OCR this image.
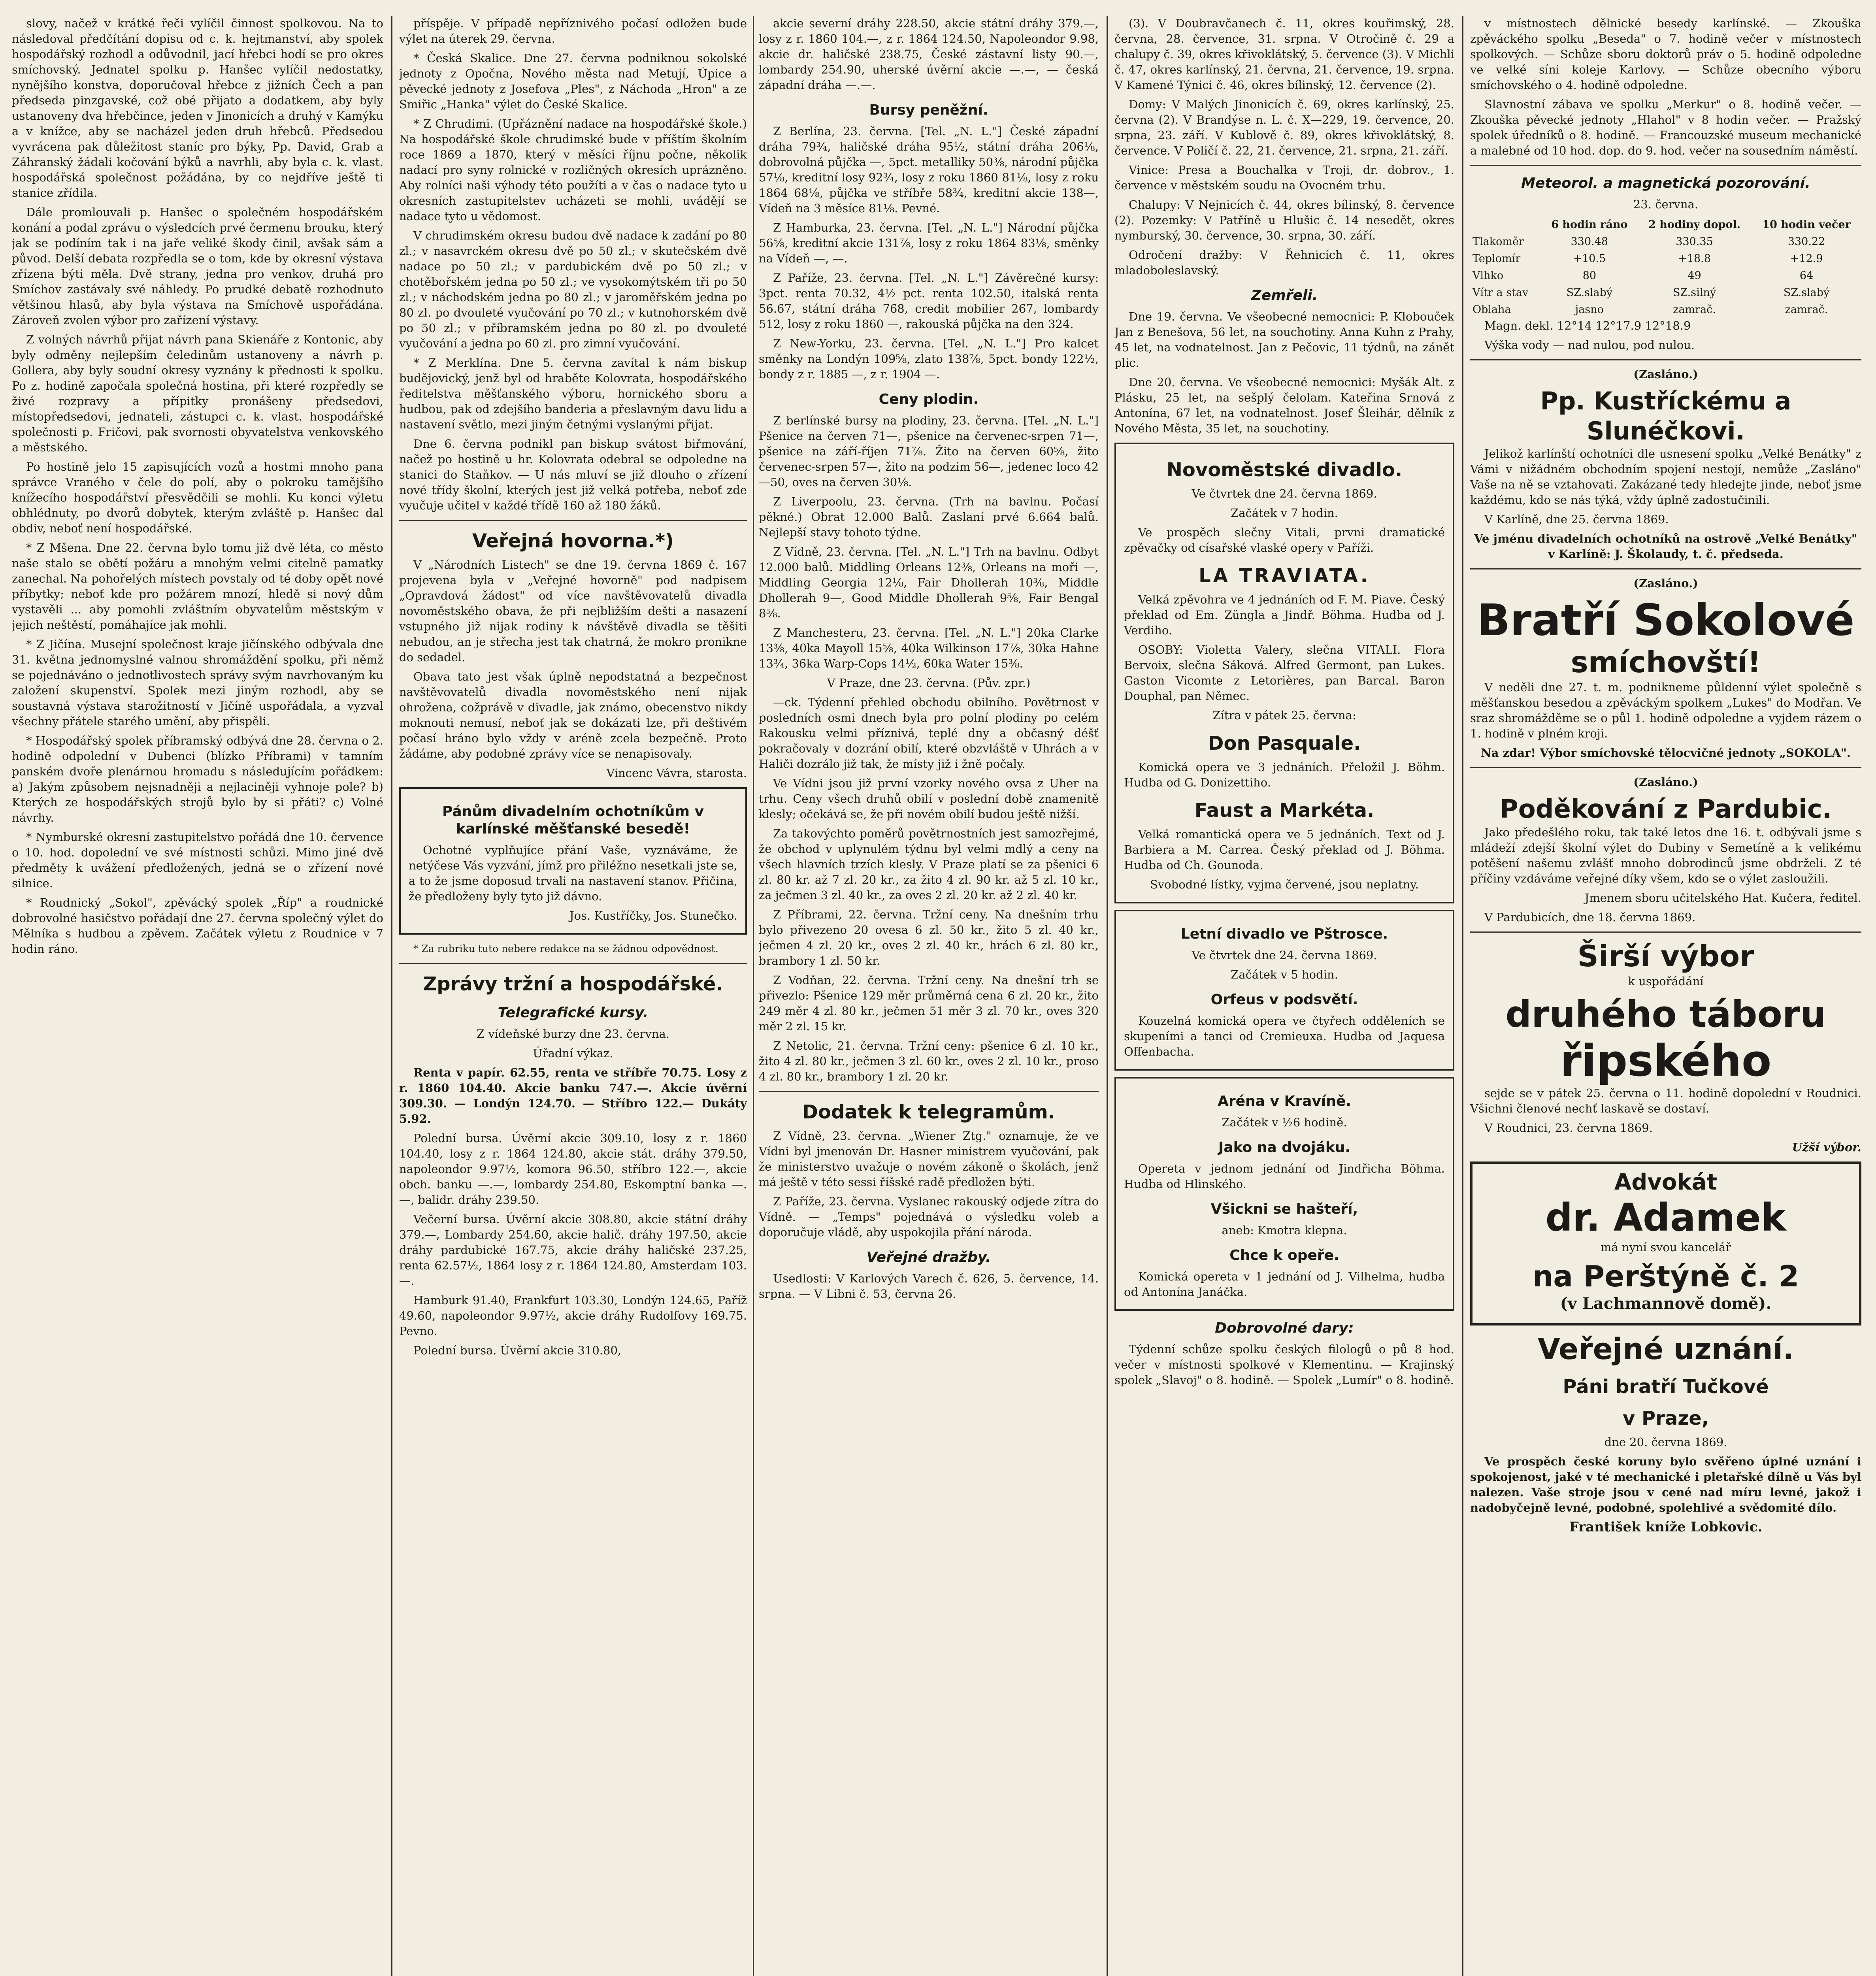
slovy, načež v krátké řeči vylíčil činnost spolkovou. Na to následoval předčítání dopisu od c. k. hejtmanství, aby spolek hospodářský rozhodl a odůvodnil, jací hřebci hodí se pro okres smíchovský. Jednatel spolku p. Hanšec vylíčil nedostatky, nynějšího konstva, doporučoval hřebce z jižních Čech a pan předseda pinzgavské, což obé přijato a dodatkem, aby byly ustanoveny dva hřebčince, jeden v Jinonicích a druhý v Kamýku a v knížce, aby se nacházel jeden druh hřebců. Předsedou vyvrácena pak důležitost staníc pro býky, Pp. David, Grab a Záhranský žádali kočování býků a navrhli, aby byla c. k. vlast. hospodářská společnost požádána, by co nejdříve ještě ti stanice zřídila.

Dále promlouvali p. Hanšec o společném hospodářském konání a podal zprávu o výsledcích prvé čermenu brouku, který jak se podíním tak i na jaře veliké škody činil, avšak sám a původ. Delší debata rozpředla se o tom, kde by okresní výstava zřízena býti měla. Dvě strany, jedna pro venkov, druhá pro Smíchov zastávaly své náhledy. Po prudké debatě rozhodnuto většinou hlasů, aby byla výstava na Smíchově uspořádána. Zároveň zvolen výbor pro zařízení výstavy.

Z volných návrhů přijat návrh pana Skienáře z Kontonic, aby byly odměny nejlepším čeledinům ustanoveny a návrh p. Gollera, aby byly soudní okresy vyznány k přednosti k spolku. Po z. hodině započala společná hostina, při které rozpředly se živé rozpravy a přípitky pronášeny předsedovi, místopředsedovi, jednateli, zástupci c. k. vlast. hospodářské společnosti p. Fričovi, pak svornosti obyvatelstva venkovského a městského.

Po hostině jelo 15 zapisujících vozů a hostmi mnoho pana správce Vraného v čele do polí, aby o pokroku tamějšího knížecího hospodářství přesvědčili se mohli. Ku konci výletu obhlédnuty, po dvorů dobytek, kterým zvláště p. Hanšec dal obdiv, neboť není hospodářské.

* Z Mšena. Dne 22. června bylo tomu již dvě léta, co město naše stalo se obětí požáru a mnohým velmi citelně pamatky zanechal. Na pohořelých místech povstaly od té doby opět nové příbytky; neboť kde pro požárem mnozí, hledě si nový dům vystavěli ... aby pomohli zvláštním obyvatelům městským v jejich neštěstí, pomáhajíce jak mohli.

* Z Jičína. Musejní společnost kraje jičínského odbývala dne 31. května jednomyslné valnou shromáždění spolku, při němž se pojednáváno o jednotlivostech správy svým navrhovaným ku založení skupenství. Spolek mezi jiným rozhodl, aby se soustavná výstava starožitností v Jičíně uspořádala, a vyzval všechny přátele starého umění, aby přispěli.

* Hospodářský spolek příbramský odbývá dne 28. června o 2. hodině odpolední v Dubenci (blízko Příbrami) v tamním panském dvoře plenárnou hromadu s následujícím pořádkem: a) Jakým způsobem nejsnadněji a nejlaciněji vyhnoje pole? b) Kterých ze hospodářských strojů bylo by si přáti? c) Volné návrhy.

* Nymburské okresní zastupitelstvo pořádá dne 10. července o 10. hod. dopolední ve své místnosti schůzi. Mimo jiné dvě předměty k uvážení předložených, jedná se o zřízení nové silnice.

* Roudnický „Sokol", zpěvácký spolek „Říp" a roudnické dobrovolné hasičstvo pořádají dne 27. června společný výlet do Mělníka s hudbou a zpěvem. Začátek výletu z Roudnice v 7 hodin ráno.

příspěje. V případě nepříznivého počasí odložen bude výlet na úterek 29. června.

* Česká Skalice. Dne 27. června podniknou sokolské jednoty z Opočna, Nového města nad Metují, Úpice a pěvecké jednoty z Josefova „Ples", z Náchoda „Hron" a ze Smiřic „Hanka" výlet do České Skalice.

* Z Chrudimi. (Upřáznění nadace na hospodářské škole.) Na hospodářské škole chrudimské bude v příštím školním roce 1869 a 1870, který v měsíci říjnu počne, několik nadací pro syny rolnické v rozličných okresích uprázněno. Aby rolníci naši výhody této použíti a v čas o nadace tyto u okresních zastupitelstev ucházeti se mohli, uvádějí se nadace tyto u vědomost.

V chrudimském okresu budou dvě nadace k zadání po 80 zl.; v nasavrckém okresu dvě po 50 zl.; v skutečském dvě nadace po 50 zl.; v pardubickém dvě po 50 zl.; v chotěbořském jedna po 50 zl.; ve vysokomýtském tři po 50 zl.; v náchodském jedna po 80 zl.; v jaroměřském jedna po 80 zl. po dvouleté vyučování po 70 zl.; v kutnohorském dvě po 50 zl.; v příbramském jedna po 80 zl. po dvouleté vyučování a jedna po 60 zl. pro zimní vyučování.

* Z Merklína. Dne 5. června zavítal k nám biskup budějovický, jenž byl od hraběte Kolovrata, hospodářského ředitelstva měšťanského výboru, hornického sboru a hudbou, pak od zdejšího banderia a přeslavným davu lidu a nastavení světlo, mezi jiným četnými vyslanými přijat.

Dne 6. června podnikl pan biskup svátost biřmování, načež po hostině u hr. Kolovrata odebral se odpoledne na stanici do Staňkov. — U nás mluví se již dlouho o zřízení nové třídy školní, kterých jest již velká potřeba, neboť zde vyučuje učitel v každé třídě 160 až 180 žáků.

Veřejná hovorna.*)

V „Národních Listech" se dne 19. června 1869 č. 167 projevena byla v „Veřejné hovorně" pod nadpisem „Opravdová žádost" od více navštěvovatelů divadla novoměstského obava, že při nejbližším dešti a nasazení vstupného již nijak rodiny k návštěvě divadla se těšiti nebudou, an je střecha jest tak chatrná, že mokro pronikne do sedadel.

Obava tato jest však úplně nepodstatná a bezpečnost navštěvovatelů divadla novoměstského není nijak ohrožena, cožprávě v divadle, jak známo, obecenstvo nikdy moknouti nemusí, neboť jak se dokázati lze, při deštivém počasí hráno bylo vždy v aréně zcela bezpečně. Proto žádáme, aby podobné zprávy více se nenapisovaly.

Vincenc Vávra, starosta.

Pánům divadelním ochotníkům v karlínské měšťanské besedě!

Ochotné vyplňujíce přání Vaše, vyznáváme, že netýčese Vás vyzvání, jímž pro přiléžno nesetkali jste se, a to že jsme doposud trvali na nastavení stanov. Přičina, že předloženy byly tyto již dávno.

Jos. Kustříčky, Jos. Stunečko.

* Za rubriku tuto nebere redakce na se žádnou odpovědnost.

Zprávy tržní a hospodářské.
Telegrafické kursy.

Z vídeňské burzy dne 23. června.

Úřadní výkaz.

Renta v papír. 62.55, renta ve stříbře 70.75. Losy z r. 1860 104.40. Akcie banku 747.—. Akcie úvěrní 309.30. — Londýn 124.70. — Stříbro 122.— Dukáty 5.92.

Polední bursa. Úvěrní akcie 309.10, losy z r. 1860 104.40, losy z r. 1864 124.80, akcie stát. dráhy 379.50, napoleondor 9.97½, komora 96.50, stříbro 122.—, akcie obch. banku —.—, lombardy 254.80, Eskomptní banka —.—, balidr. dráhy 239.50.

Večerní bursa. Úvěrní akcie 308.80, akcie státní dráhy 379.—, Lombardy 254.60, akcie halič. dráhy 197.50, akcie dráhy pardubické 167.75, akcie dráhy haličské 237.25, renta 62.57½, 1864 losy z r. 1864 124.80, Amsterdam 103.—.

Hamburk 91.40, Frankfurt 103.30, Londýn 124.65, Paříž 49.60, napoleondor 9.97½, akcie dráhy Rudolfovy 169.75. Pevno.

Polední bursa. Úvěrní akcie 310.80,

akcie severní dráhy 228.50, akcie státní dráhy 379.—, losy z r. 1860 104.—, z r. 1864 124.50, Napoleondor 9.98, akcie dr. haličské 238.75, České zástavní listy 90.—, lombardy 254.90, uherské úvěrní akcie —.—, — česká západní dráha —.—.

Bursy peněžní.

Z Berlína, 23. června. [Tel. „N. L."] České západní dráha 79¾, haličské dráha 95½, státní dráha 206⅛, dobrovolná půjčka —, 5pct. metalliky 50⅜, národní půjčka 57⅛, kreditní losy 92¾, losy z roku 1860 81⅛, losy z roku 1864 68⅛, půjčka ve stříbře 58¾, kreditní akcie 138—, Vídeň na 3 měsíce 81⅛. Pevné.

Z Hamburka, 23. června. [Tel. „N. L."] Národní půjčka 56⅝, kreditní akcie 131⅞, losy z roku 1864 83⅛, směnky na Vídeň —, —.

Z Paříže, 23. června. [Tel. „N. L."] Závěrečné kursy: 3pct. renta 70.32, 4½ pct. renta 102.50, italská renta 56.67, státní dráha 768, credit mobilier 267, lombardy 512, losy z roku 1860 —, rakouská půjčka na den 324.

Z New-Yorku, 23. června. [Tel. „N. L."] Pro kalcet směnky na Londýn 109⅝, zlato 138⅞, 5pct. bondy 122½, bondy z r. 1885 —, z r. 1904 —.

Ceny plodin.

Z berlínské bursy na plodiny, 23. června. [Tel. „N. L."] Pšenice na červen 71—, pšenice na červenec-srpen 71—, pšenice na září-říjen 71⅞. Žito na červen 60⅝, žito červenec-srpen 57—, žito na podzim 56—, jedenec loco 42—50, oves na červen 30⅛.

Z Liverpoolu, 23. června. (Trh na bavlnu. Počasí pěkné.) Obrat 12.000 Balů. Zaslaní prvé 6.664 balů. Nejlepší stavy tohoto týdne.

Z Vídně, 23. června. [Tel. „N. L."] Trh na bavlnu. Odbyt 12.000 balů. Middling Orleans 12⅜, Orleans na moři —, Middling Georgia 12⅛, Fair Dhollerah 10⅜, Middle Dhollerah 9—, Good Middle Dhollerah 9⅝, Fair Bengal 8⅝.

Z Manchesteru, 23. června. [Tel. „N. L."] 20ka Clarke 13⅜, 40ka Mayoll 15⅝, 40ka Wilkinson 17⅞, 30ka Hahne 13¾, 36ka Warp-Cops 14½, 60ka Water 15⅜.

V Praze, dne 23. června. (Pův. zpr.)

—ck. Týdenní přehled obchodu obilního. Povětrnost v posledních osmi dnech byla pro polní plodiny po celém Rakousku velmi příznivá, teplé dny a občasný déšť pokračovaly v dozrání obilí, které obzvláště v Uhrách a v Haliči dozrálo již tak, že místy již i žně počaly.

Ve Vídni jsou již první vzorky nového ovsa z Uher na trhu. Ceny všech druhů obilí v poslední době znamenitě klesly; očekává se, že při novém obilí budou ještě nižší.

Za takovýchto poměrů povětrnostních jest samozřejmé, že obchod v uplynulém týdnu byl velmi mdlý a ceny na všech hlavních trzích klesly. V Praze platí se za pšenici 6 zl. 80 kr. až 7 zl. 20 kr., za žito 4 zl. 90 kr. až 5 zl. 10 kr., za ječmen 3 zl. 40 kr., za oves 2 zl. 20 kr. až 2 zl. 40 kr.

Z Příbrami, 22. června. Tržní ceny. Na dnešním trhu bylo přivezeno 20 ovesa 6 zl. 50 kr., žito 5 zl. 40 kr., ječmen 4 zl. 20 kr., oves 2 zl. 40 kr., hrách 6 zl. 80 kr., brambory 1 zl. 50 kr.

Z Vodňan, 22. června. Tržní ceny. Na dnešní trh se přivezlo: Pšenice 129 měr průměrná cena 6 zl. 20 kr., žito 249 měr 4 zl. 80 kr., ječmen 51 měr 3 zl. 70 kr., oves 320 měr 2 zl. 15 kr.

Z Netolic, 21. června. Tržní ceny: pšenice 6 zl. 10 kr., žito 4 zl. 80 kr., ječmen 3 zl. 60 kr., oves 2 zl. 10 kr., proso 4 zl. 80 kr., brambory 1 zl. 20 kr.

Dodatek k telegramům.

Z Vídně, 23. června. „Wiener Ztg." oznamuje, že ve Vídni byl jmenován Dr. Hasner ministrem vyučování, pak že ministerstvo uvažuje o novém zákoně o školách, jenž má ještě v této sessi říšské radě předložen býti.

Z Paříže, 23. června. Vyslanec rakouský odjede zítra do Vídně. — „Temps" pojednává o výsledku voleb a doporučuje vládě, aby uspokojila přání národa.

Veřejné dražby.

Usedlosti: V Karlových Varech č. 626, 5. července, 14. srpna. — V Libni č. 53, června 26.

(3). V Doubravčanech č. 11, okres kouřimský, 28. června, 28. července, 31. srpna. V Otročině č. 29 a chalupy č. 39, okres křivoklátský, 5. července (3). V Michli č. 47, okres karlínský, 21. června, 21. července, 19. srpna. V Kamené Týnici č. 46, okres bílinský, 12. července (2).

Domy: V Malých Jinonicích č. 69, okres karlínský, 25. června (2). V Brandýse n. L. č. X—229, 19. července, 20. srpna, 23. září. V Kublově č. 89, okres křivoklátský, 8. července. V Poličí č. 22, 21. července, 21. srpna, 21. září.

Vinice: Presa a Bouchalka v Troji, dr. dobrov., 1. července v městském soudu na Ovocném trhu.

Chalupy: V Nejnicích č. 44, okres bílinský, 8. července (2). Pozemky: V Patříně u Hlušic č. 14 nesedět, okres nymburský, 30. července, 30. srpna, 30. září.

Odročení dražby: V Řehnicích č. 11, okres mladoboleslavský.

Zemřeli.

Dne 19. června. Ve všeobecné nemocnici: P. Klobouček Jan z Benešova, 56 let, na souchotiny. Anna Kuhn z Prahy, 45 let, na vodnatelnost. Jan z Pečovic, 11 týdnů, na zánět plic.

Dne 20. června. Ve všeobecné nemocnici: Myšák Alt. z Plásku, 25 let, na sešplý čelolam. Kateřina Srnová z Antonína, 67 let, na vodnatelnost. Josef Šleihár, dělník z Nového Města, 35 let, na souchotiny.

Novoměstské divadlo.

Ve čtvrtek dne 24. června 1869.

Začátek v 7 hodin.

Ve prospěch slečny Vitali, prvni dramatické zpěvačky od císařské vlaské opery v Paříži.

LA TRAVIATA.

Velká zpěvohra ve 4 jednáních od F. M. Piave. Český překlad od Em. Züngla a Jindř. Böhma. Hudba od J. Verdiho.

OSOBY: Violetta Valery, slečna VITALI. Flora Bervoix, slečna Sáková. Alfred Germont, pan Lukes. Gaston Vicomte z Letorières, pan Barcal. Baron Douphal, pan Němec.

Zítra v pátek 25. června:

Don Pasquale.

Komická opera ve 3 jednáních. Přeložil J. Böhm. Hudba od G. Donizettiho.

Faust a Markéta.

Velká romantická opera ve 5 jednáních. Text od J. Barbiera a M. Carrea. Český překlad od J. Böhma. Hudba od Ch. Gounoda.

Svobodné lístky, vyjma červené, jsou neplatny.

Letní divadlo ve Pštrosce.

Ve čtvrtek dne 24. června 1869.

Začátek v 5 hodin.

Orfeus v podsvětí.

Kouzelná komická opera ve čtyřech odděleních se skupeními a tanci od Cremieuxa. Hudba od Jaquesa Offenbacha.

Aréna v Kravíně.

Začátek v ½6 hodině.

Jako na dvojáku.

Opereta v jednom jednání od Jindřicha Böhma. Hudba od Hlinského.

Všickni se hašteří,

aneb: Kmotra klepna.

Chce k opeře.

Komická opereta v 1 jednání od J. Vilhelma, hudba od Antonína Janáčka.

Dobrovolné dary:

Týdenní schůze spolku českých filologů o pů 8 hod. večer v místnosti spolkové v Klementinu. — Krajinský spolek „Slavoj" o 8. hodině. — Spolek „Lumír" o 8. hodině.

v místnostech dělnické besedy karlínské. — Zkouška zpěváckého spolku „Beseda" o 7. hodině večer v místnostech spolkových. — Schůze sboru doktorů práv o 5. hodině odpoledne ve velké síni koleje Karlovy. — Schůze obecního výboru smíchovského o 4. hodině odpoledne.

Slavnostní zábava ve spolku „Merkur" o 8. hodině večer. — Zkouška pěvecké jednoty „Hlahol" v 8 hodin večer. — Pražský spolek úředníků o 8. hodině. — Francouzské museum mechanické a malebné od 10 hod. dop. do 9. hod. večer na sousedním náměstí.

Meteorol. a magnetická pozorování.

23. června.

	6 hodin ráno	2 hodiny dopol.	10 hodin večer
Tlakoměr	330.48	330.35	330.22
Teplomír	+10.5	+18.8	+12.9
Vlhko	80	49	64
Vítr a stav	SZ.slabý	SZ.silný	SZ.slabý
Oblaha	jasno	zamrač.	zamrač.

Magn. dekl. 12°14 12°17.9 12°18.9

Výška vody — nad nulou, pod nulou.

(Zasláno.)

Pp. Kustříckému a Slunéčkovi.

Jelikož karlínští ochotníci dle usnesení spolku „Velké Benátky" z Vámi v nižádném obchodním spojení nestojí, nemůže „Zasláno" Vaše na ně se vztahovati. Zakázané tedy hledejte jinde, neboť jsme každému, kdo se nás týká, vždy úplně zadostučinili.

V Karlíně, dne 25. června 1869.

Ve jménu divadelních ochotníků na ostrově „Velké Benátky" v Karlíně: J. Školaudy, t. č. předseda.

(Zasláno.)

Bratří Sokolové
smíchovští!

V neděli dne 27. t. m. podnikneme půldenní výlet společně s měšťanskou besedou a zpěváckým spolkem „Lukes" do Modřan. Ve sraz shromážděme se o půl 1. hodině odpoledne a vyjdem rázem o 1. hodině v plném kroji.

Na zdar! Výbor smíchovské tělocvičné jednoty „SOKOLA".

(Zasláno.)

Poděkování z Pardubic.

Jako předešlého roku, tak také letos dne 16. t. odbývali jsme s mládeží zdejší školní výlet do Dubiny v Semetíně a k velikému potěšení našemu zvlášť mnoho dobrodinců jsme obdrželi. Z té příčiny vzdáváme veřejné díky všem, kdo se o výlet zasloužili.

Jmenem sboru učitelského Hat. Kučera, ředitel.

V Pardubicích, dne 18. června 1869.

Širší výbor

k uspořádání

druhého táboru
řipského

sejde se v pátek 25. června o 11. hodině dopolední v Roudnici. Všichni členové nechť laskavě se dostaví.

V Roudnici, 23. června 1869.

Užší výbor.

Advokát
dr. Adamek

má nyní svou kancelář

na Perštýně č. 2

(v Lachmannově domě).

Veřejné uznání.
Páni bratří Tučkové
v Praze,

dne 20. června 1869.

Ve prospěch české koruny bylo svěřeno úplné uznání i spokojenost, jaké v té mechanické i pletařské dílně u Vás byl nalezen. Vaše stroje jsou v cené nad míru levné, jakož i nadobyčejně levné, podobné, spolehlivé a svědomité dílo.

František kníže Lobkovic.
